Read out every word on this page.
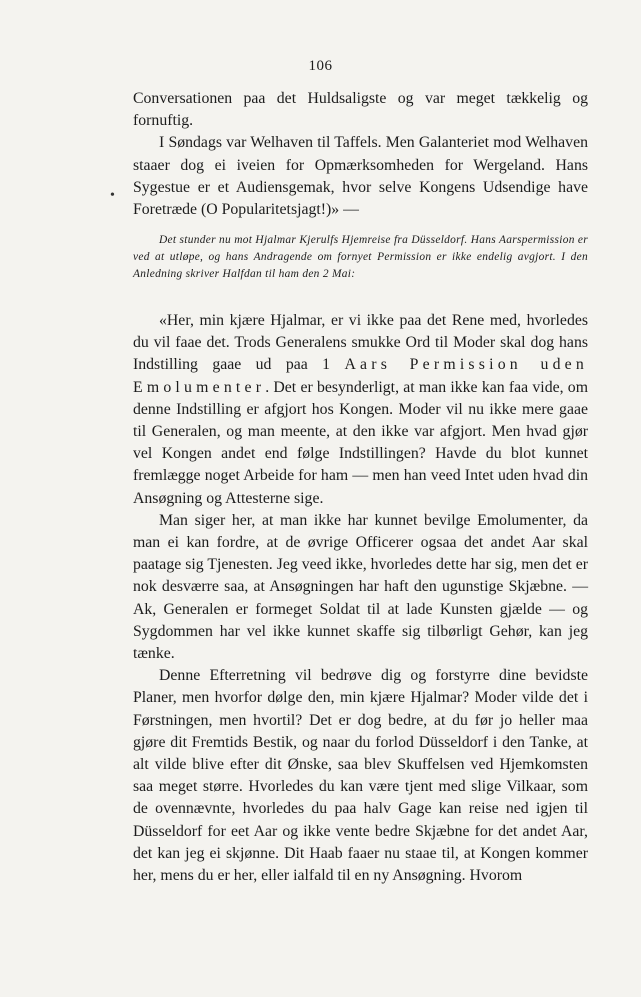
106

Conversationen paa det Huldsaligste og var meget tækkelig og fornuftig.

I Søndags var Welhaven til Taffels. Men Galanteriet mod Welhaven staaer dog ei iveien for Opmærksomheden for Wergeland. Hans Sygestue er et Audiensgemak, hvor selve Kongens Udsendige have Foretræde (O Popularitetsjagt!)» —

•

Det stunder nu mot Hjalmar Kjerulfs Hjemreise fra Düsseldorf. Hans Aarspermission er ved at utløpe, og hans Andragende om fornyet Permission er ikke endelig avgjort. I den Anledning skriver Halfdan til ham den 2 Mai:

«Her, min kjære Hjalmar, er vi ikke paa det Rene med, hvorledes du vil faae det. Trods Generalens smukke Ord til Moder skal dog hans Indstilling gaae ud paa 1 Aars Permission uden Emolumenter. Det er besynderligt, at man ikke kan faa vide, om denne Indstilling er afgjort hos Kongen. Moder vil nu ikke mere gaae til Generalen, og man meente, at den ikke var afgjort. Men hvad gjør vel Kongen andet end følge Indstillingen? Havde du blot kunnet fremlægge noget Arbeide for ham — men han veed Intet uden hvad din Ansøgning og Attesterne sige.

Man siger her, at man ikke har kunnet bevilge Emolumenter, da man ei kan fordre, at de øvrige Officerer ogsaa det andet Aar skal paatage sig Tjenesten. Jeg veed ikke, hvorledes dette har sig, men det er nok desværre saa, at Ansøgningen har haft den ugunstige Skjæbne. — Ak, Generalen er formeget Soldat til at lade Kunsten gjælde — og Sygdommen har vel ikke kunnet skaffe sig tilbørligt Gehør, kan jeg tænke.

Denne Efterretning vil bedrøve dig og forstyrre dine bevidste Planer, men hvorfor dølge den, min kjære Hjalmar? Moder vilde det i Førstningen, men hvortil? Det er dog bedre, at du før jo heller maa gjøre dit Fremtids Bestik, og naar du forlod Düsseldorf i den Tanke, at alt vilde blive efter dit Ønske, saa blev Skuffelsen ved Hjemkomsten saa meget større. Hvorledes du kan være tjent med slige Vilkaar, som de ovennævnte, hvorledes du paa halv Gage kan reise ned igjen til Düsseldorf for eet Aar og ikke vente bedre Skjæbne for det andet Aar, det kan jeg ei skjønne. Dit Haab faaer nu staae til, at Kongen kommer her, mens du er her, eller ialfald til en ny Ansøgning. Hvorom
